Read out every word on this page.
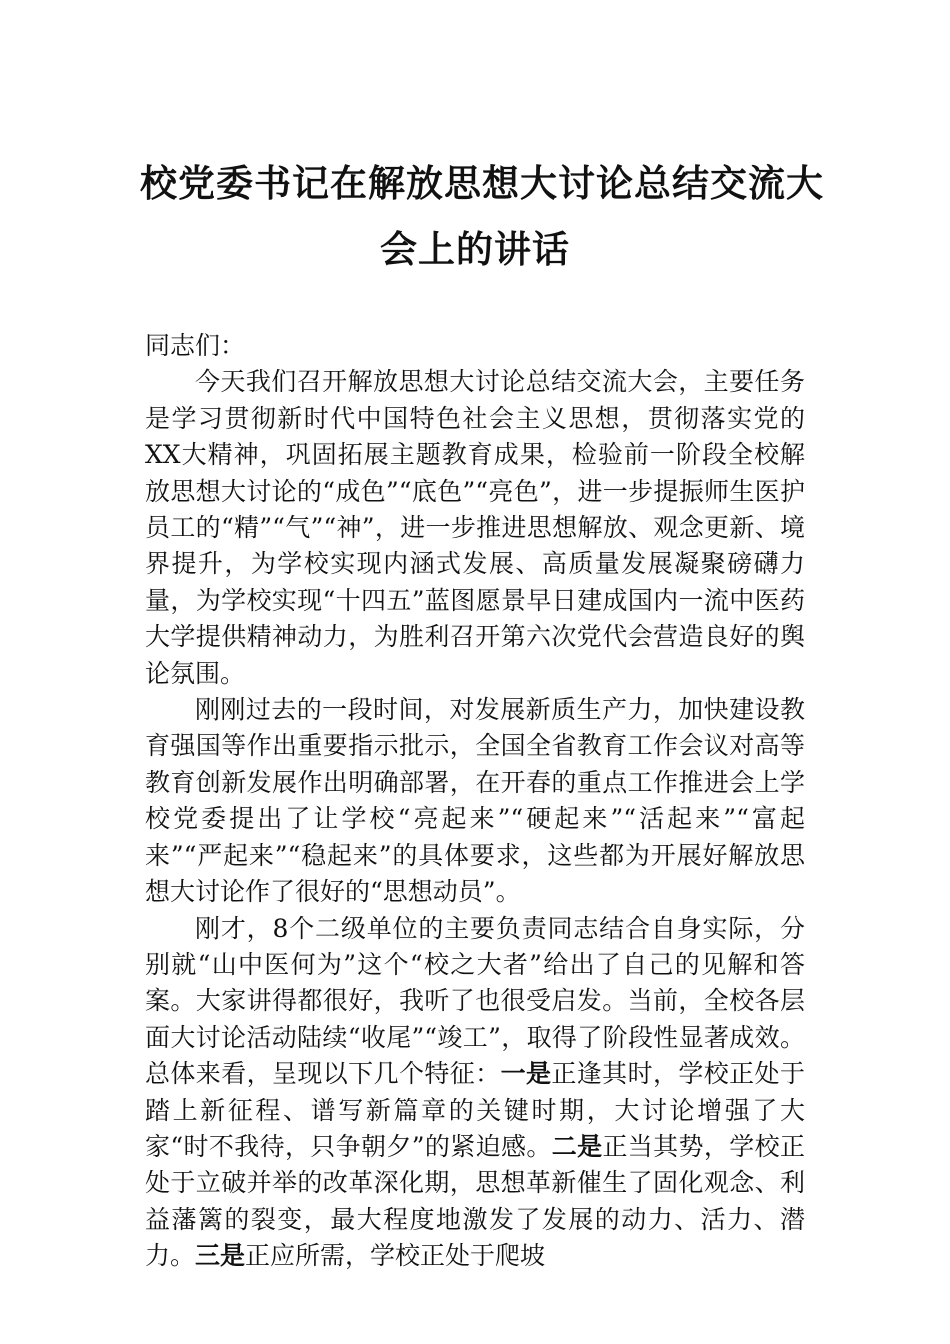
校党委书记在解放思想大讨论总结交流大
会上的讲话

同志们：

今天我们召开解放思想大讨论总结交流大会，主要任务是学习贯彻新时代中国特色社会主义思想，贯彻落实党的XX大精神，巩固拓展主题教育成果，检验前一阶段全校解放思想大讨论的“成色”“底色”“亮色”，进一步提振师生医护员工的“精”“气”“神”，进一步推进思想解放、观念更新、境界提升，为学校实现内涵式发展、高质量发展凝聚磅礴力量，为学校实现“十四五”蓝图愿景早日建成国内一流中医药大学提供精神动力，为胜利召开第六次党代会营造良好的舆论氛围。

刚刚过去的一段时间，对发展新质生产力，加快建设教育强国等作出重要指示批示，全国全省教育工作会议对高等教育创新发展作出明确部署，在开春的重点工作推进会上学校党委提出了让学校“亮起来”“硬起来”“活起来”“富起来”“严起来”“稳起来”的具体要求，这些都为开展好解放思想大讨论作了很好的“思想动员”。

刚才，8个二级单位的主要负责同志结合自身实际，分别就“山中医何为”这个“校之大者”给出了自己的见解和答案。大家讲得都很好，我听了也很受启发。当前，全校各层面大讨论活动陆续“收尾”“竣工”，取得了阶段性显著成效。总体来看，呈现以下几个特征：一是正逢其时，学校正处于踏上新征程、谱写新篇章的关键时期，大讨论增强了大家“时不我待，只争朝夕”的紧迫感。二是正当其势，学校正处于立破并举的改革深化期，思想革新催生了固化观念、利益藩篱的裂变，最大程度地激发了发展的动力、活力、潜力。三是正应所需，学校正处于爬坡
